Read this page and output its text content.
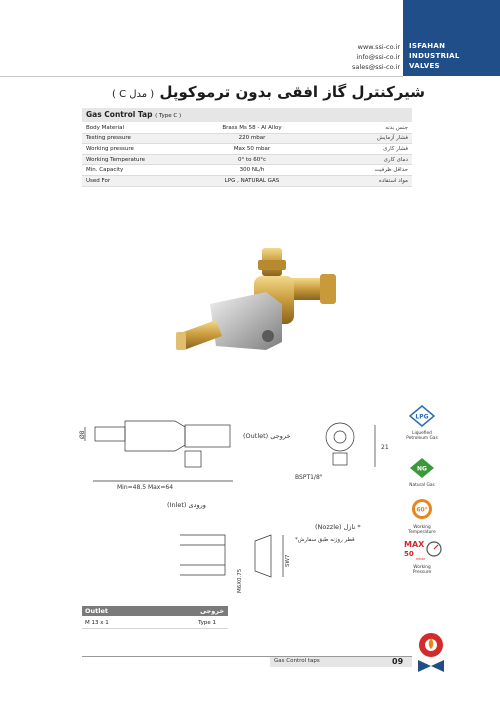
www.ssi-co.ir
info@ssi-co.ir
sales@ssi-co.ir
ISFAHAN
INDUSTRIAL
VALVES
شیرکنترل گاز افقی بدون ترموکوپل ( مدل C )
Gas Control Tap ( Type C )
Body Material	Brass Ms 58 - Al Alloy	جنس بدنه
Testing pressure	220 mbar	فشار آزمایش
Working pressure	Max 50 mbar	فشار کاری
Working Temperature	0° to 60°c	دمای کاری
Min. Capacity	300 NL/h	حداقل ظرفیت
Used For	LPG , NATURAL GAS	مواد استفاده
Ø8	(Outlet) خروجی
Min=48.5 Max=64
(Inlet) ورودی
21
BSPT1/8"
(Nozzle) نازل *
*قطر روزنه طبق سفارش
SW7
M6X0.75
LPG
Liquefied
Petroleum Gas
NG
Natural Gas
60°
Working
Temperature
MAX
50
mbar
Working
Pressure
Outlet	خروجی
M 13 x 1	Type 1
Gas Control taps	09
